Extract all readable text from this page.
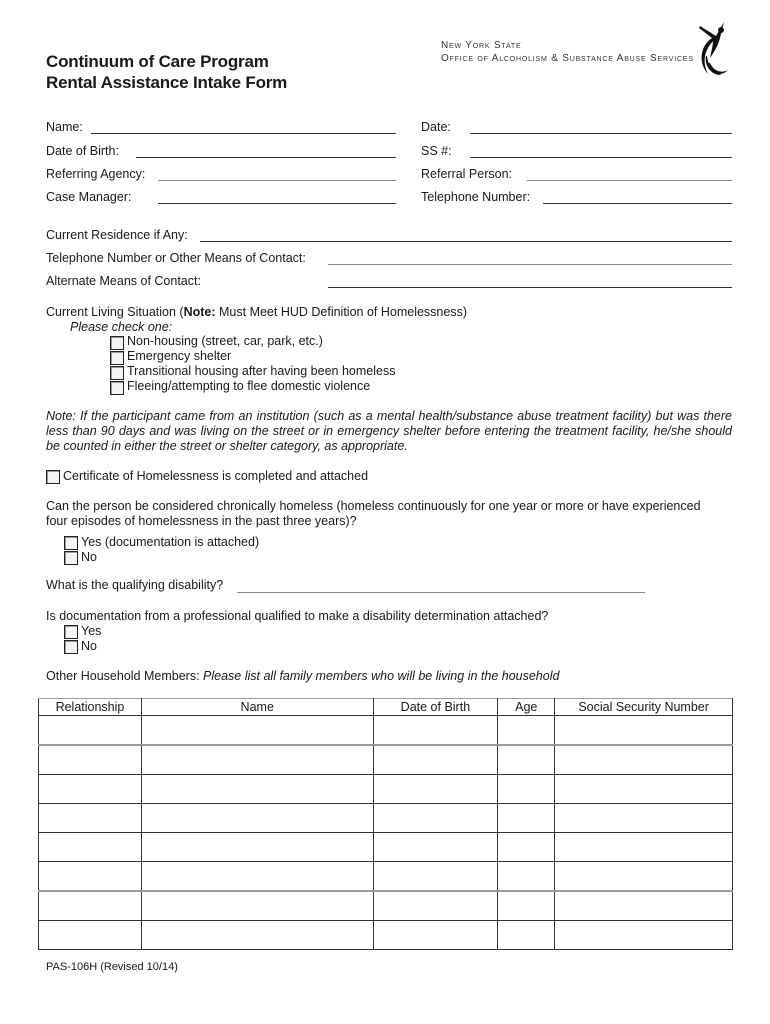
Continuum of Care Program
Rental Assistance Intake Form
New York State
Office of Alcoholism & Substance Abuse Services
Name:	Date:
Date of Birth:	SS #:
Referring Agency:	Referral Person:
Case Manager:	Telephone Number:
Current Residence if Any:
Telephone Number or Other Means of Contact:
Alternate Means of Contact:
Current Living Situation (Note: Must Meet HUD Definition of Homelessness)
Please check one:
Non-housing (street, car, park, etc.)
Emergency shelter
Transitional housing after having been homeless
Fleeing/attempting to flee domestic violence
Note: If the participant came from an institution (such as a mental health/substance abuse treatment facility) but was there less than 90 days and was living on the street or in emergency shelter before entering the treatment facility, he/she should be counted in either the street or shelter category, as appropriate.
Certificate of Homelessness is completed and attached
Can the person be considered chronically homeless (homeless continuously for one year or more or have experienced
four episodes of homelessness in the past three years)?
Yes (documentation is attached)
No
What is the qualifying disability?
Is documentation from a professional qualified to make a disability determination attached?
Yes
No
Other Household Members: Please list all family members who will be living in the household
Relationship	Name	Date of Birth	Age	Social Security Number

PAS-106H (Revised 10/14)
